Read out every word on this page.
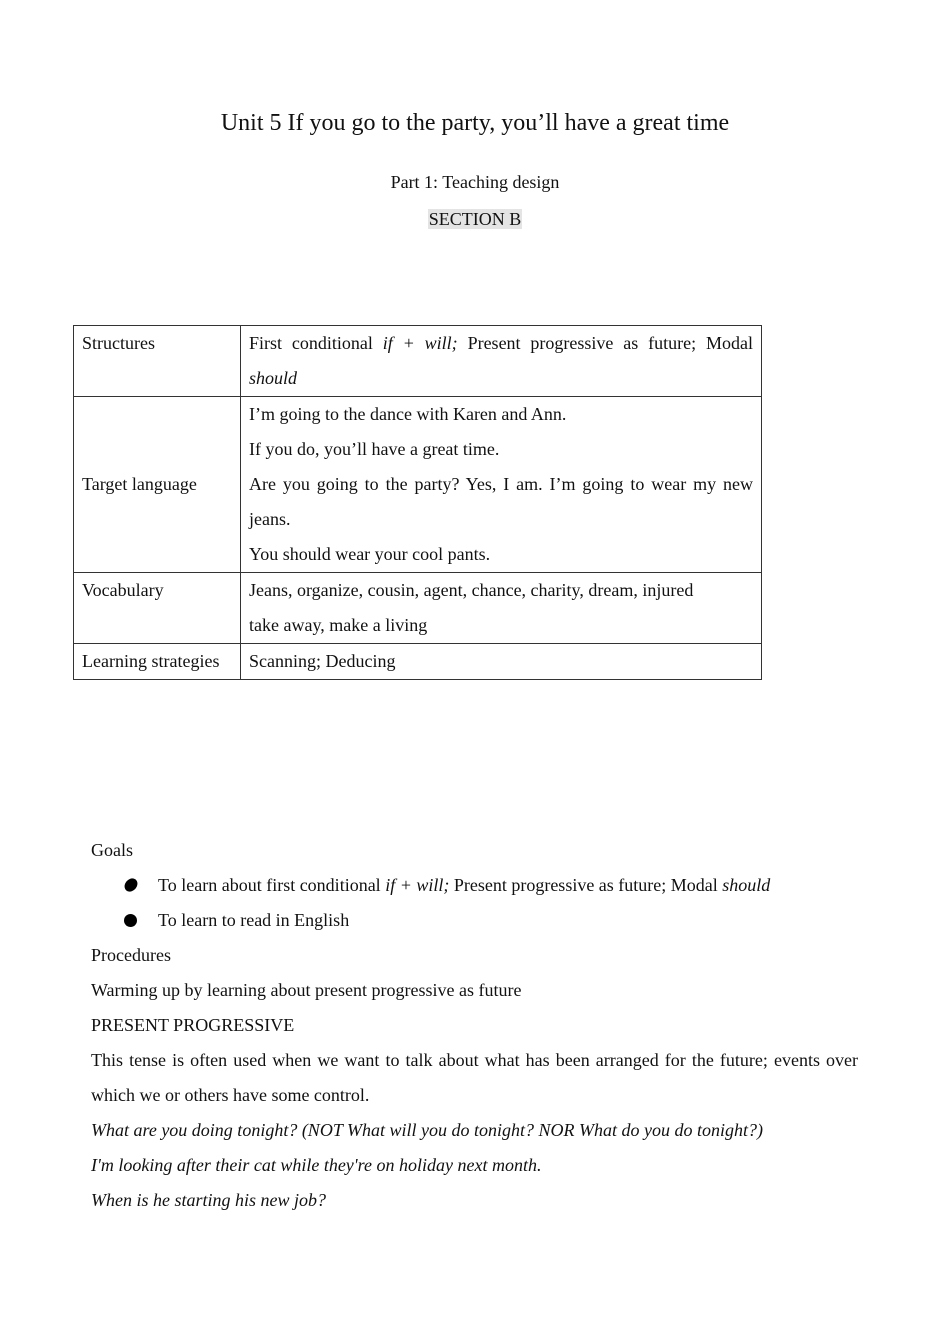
Unit 5 If you go to the party, you’ll have a great time
Part 1: Teaching design
SECTION B
Structures	First conditional if + will; Present progressive as future; Modal
should

Target language	I’m going to the dance with Karen and Ann.
If you do, you’ll have a great time.
Are you going to the party? Yes, I am. I’m going to wear my new
jeans.
You should wear your cool pants.

Vocabulary	Jeans, organize, cousin, agent, chance, charity, dream, injured
take away, make a living

Learning strategies	Scanning; Deducing

Goals

To learn about first conditional if + will; Present progressive as future; Modal should

To learn to read in English

Procedures

Warming up by learning about present progressive as future

PRESENT PROGRESSIVE

This tense is often used when we want to talk about what has been arranged for the future; events over which we or others have some control.

What are you doing tonight? (NOT What will you do tonight? NOR What do you do tonight?)

I'm looking after their cat while they're on holiday next month.

When is he starting his new job?
